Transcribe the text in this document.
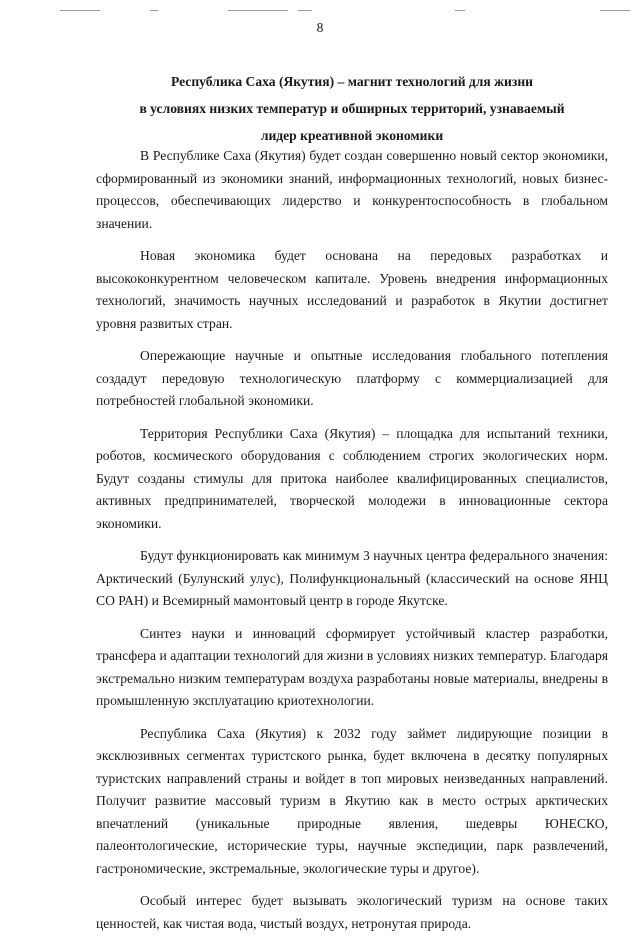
8
Республика Саха (Якутия) – магнит технологий для жизни
в условиях низких температур и обширных территорий, узнаваемый
лидер креативной экономики

В Республике Саха (Якутия) будет создан совершенно новый сектор экономики, сформированный из экономики знаний, информационных технологий, новых бизнес-процессов, обеспечивающих лидерство и конкурентоспособность в глобальном значении.

Новая экономика будет основана на передовых разработках и высококонкурентном человеческом капитале. Уровень внедрения информационных технологий, значимость научных исследований и разработок в Якутии достигнет уровня развитых стран.

Опережающие научные и опытные исследования глобального потепления создадут передовую технологическую платформу с коммерциализацией для потребностей глобальной экономики.

Территория Республики Саха (Якутия) – площадка для испытаний техники, роботов, космического оборудования с соблюдением строгих экологических норм. Будут созданы стимулы для притока наиболее квалифицированных специалистов, активных предпринимателей, творческой молодежи в инновационные сектора экономики.

Будут функционировать как минимум 3 научных центра федерального значения: Арктический (Булунский улус), Полифункциональный (классический на основе ЯНЦ СО РАН) и Всемирный мамонтовый центр в городе Якутске.

Синтез науки и инноваций сформирует устойчивый кластер разработки, трансфера и адаптации технологий для жизни в условиях низких температур. Благодаря экстремально низким температурам воздуха разработаны новые материалы, внедрены в промышленную эксплуатацию криотехнологии.

Республика Саха (Якутия) к 2032 году займет лидирующие позиции в эксклюзивных сегментах туристского рынка, будет включена в десятку популярных туристских направлений страны и войдет в топ мировых неизведанных направлений. Получит развитие массовый туризм в Якутию как в место острых арктических впечатлений (уникальные природные явления, шедевры ЮНЕСКО, палеонтологические, исторические туры, научные экспедиции, парк развлечений, гастрономические, экстремальные, экологические туры и другое).

Особый интерес будет вызывать экологический туризм на основе таких ценностей, как чистая вода, чистый воздух, нетронутая природа.
